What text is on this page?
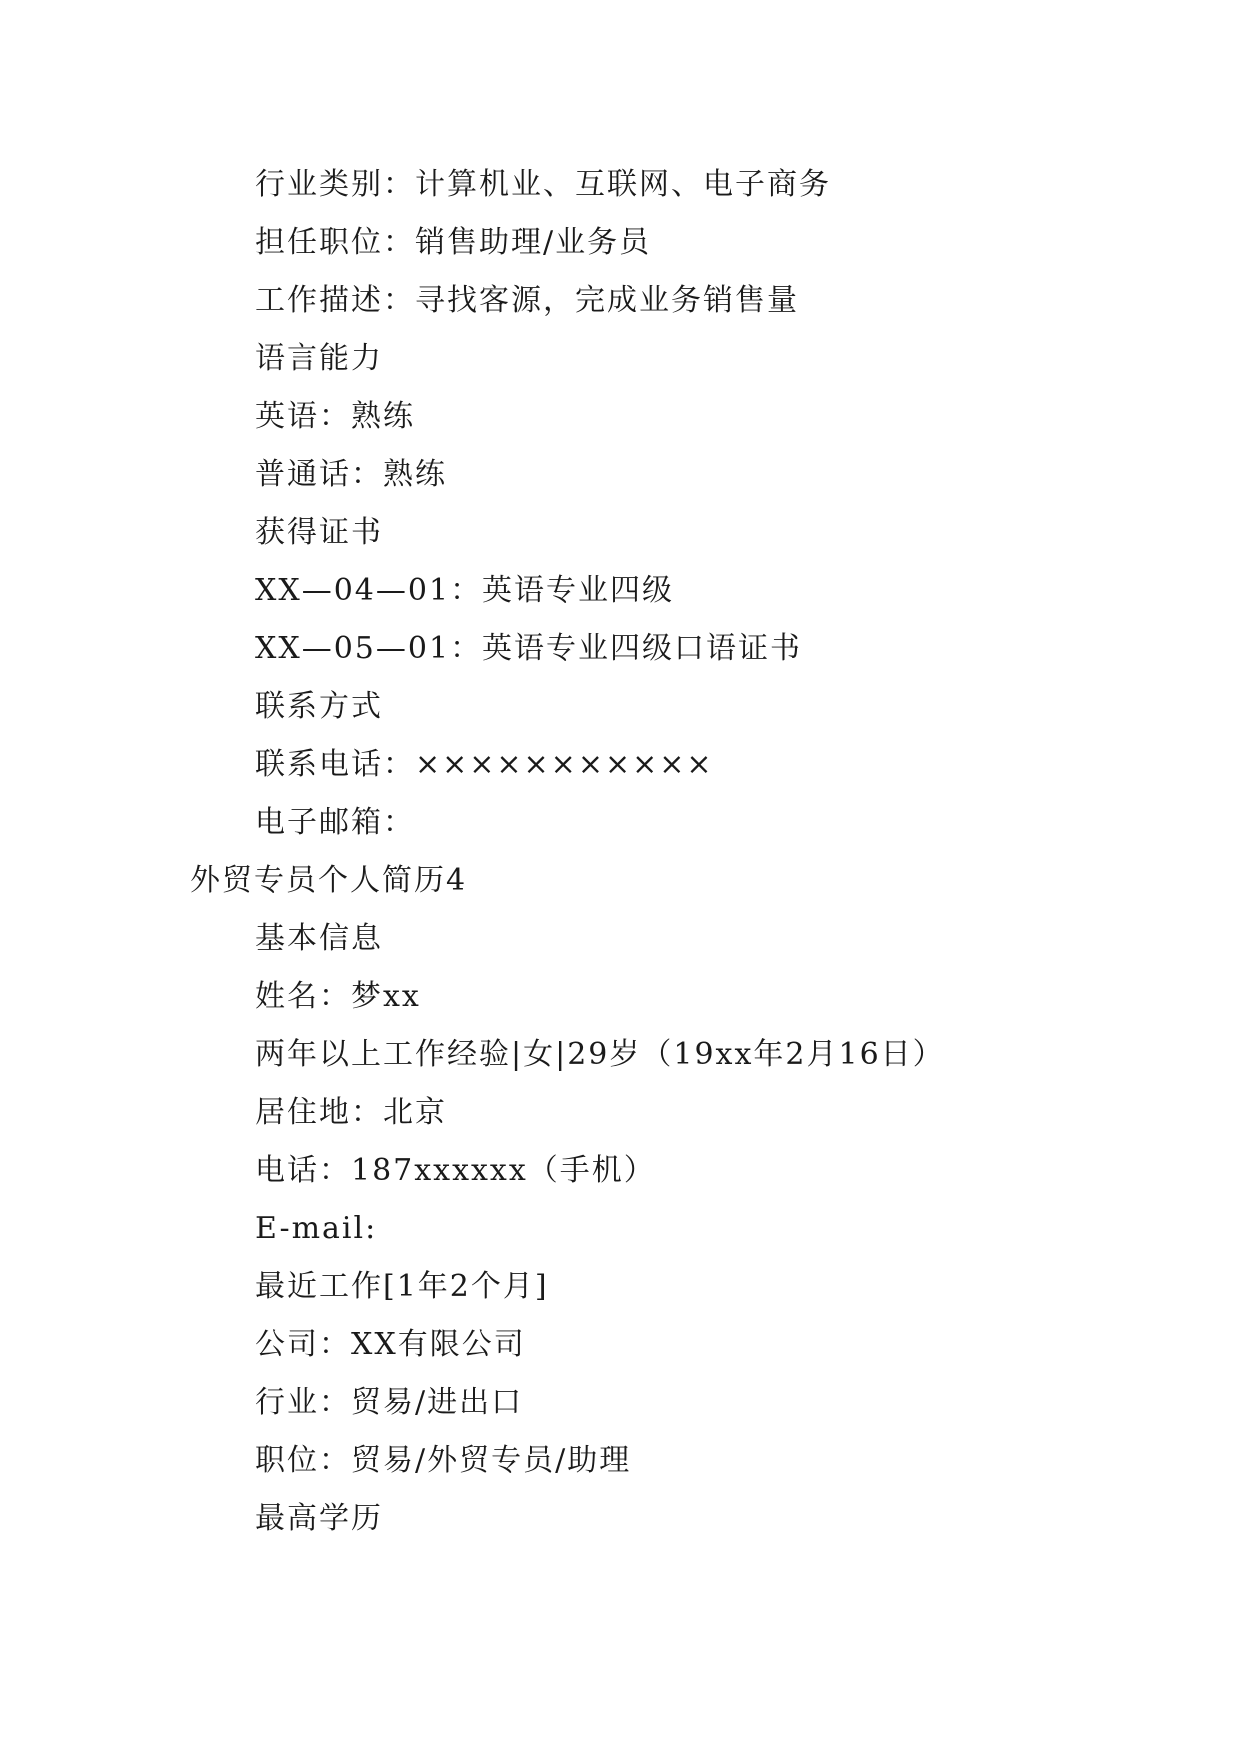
行业类别：计算机业、互联网、电子商务
担任职位：销售助理/业务员
工作描述：寻找客源，完成业务销售量
语言能力
英语：熟练
普通话：熟练
获得证书
XX—04—01：英语专业四级
XX—05—01：英语专业四级口语证书
联系方式
联系电话：×××××××××××
电子邮箱：
外贸专员个人简历4
基本信息
姓名：梦xx
两年以上工作经验|女|29岁（19xx年2月16日）
居住地：北京
电话：187xxxxxx（手机）
E-mail:
最近工作[1年2个月]
公司：XX有限公司
行业：贸易/进出口
职位：贸易/外贸专员/助理
最高学历
